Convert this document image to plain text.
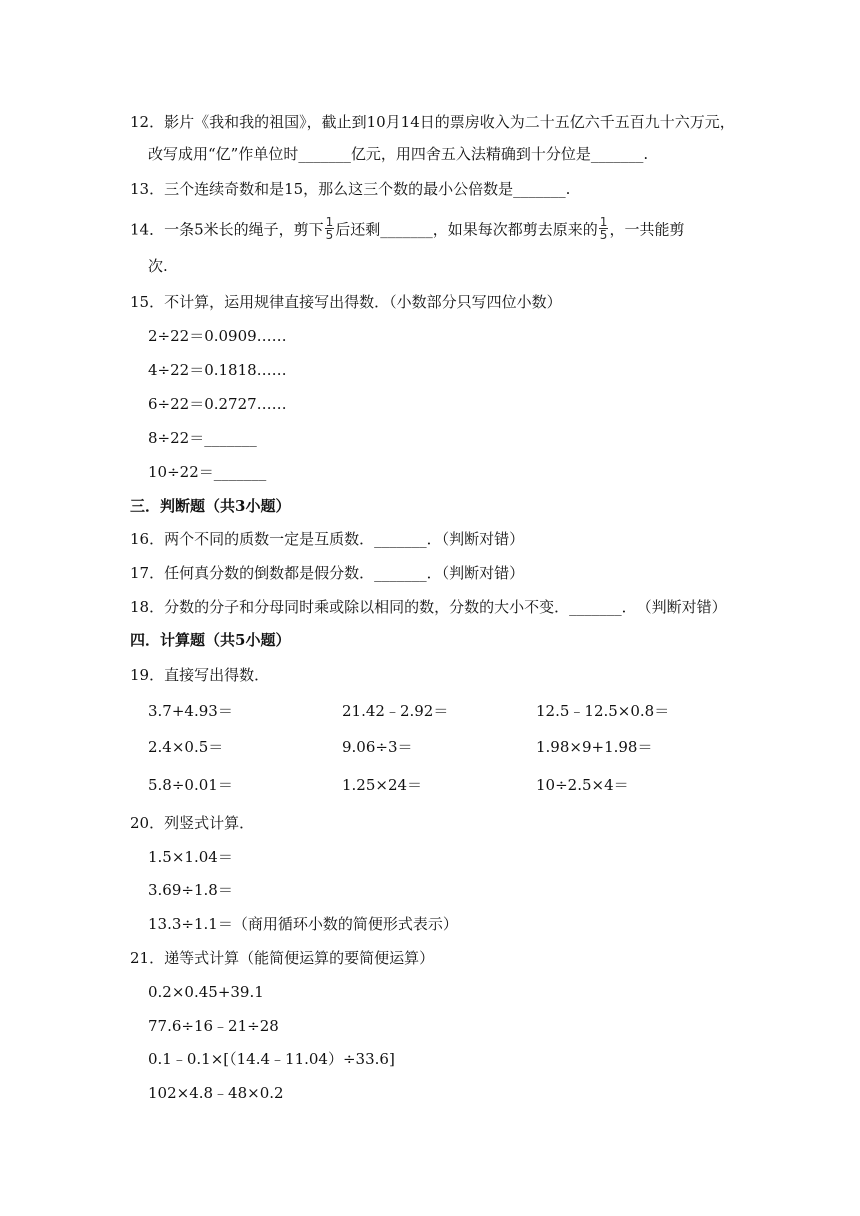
12．影片《我和我的祖国》，截止到10月14日的票房收入为二十五亿六千五百九十六万元，
改写成用“亿”作单位时_______亿元，用四舍五入法精确到十分位是_______.
13．三个连续奇数和是15，那么这三个数的最小公倍数是_______.
14．一条5米长的绳子，剪下 $\frac{1}{5}$ 后还剩_______，如果每次都剪去原来的 $\frac{1}{5}$ ，一共能剪
次.
15．不计算，运用规律直接写出得数．（小数部分只写四位小数）
2÷22＝0.0909……
4÷22＝0.1818……
6÷22＝0.2727……
8÷22＝_______
10÷22＝_______
三．判断题（共3小题）
16．两个不同的质数一定是互质数．_______．（判断对错）
17．任何真分数的倒数都是假分数．_______．（判断对错）
18．分数的分子和分母同时乘或除以相同的数，分数的大小不变．_______．　（判断对错）
四．计算题（共5小题）
19．直接写出得数．
3.7+4.93＝	21.42﹣2.92＝	12.5﹣12.5×0.8＝
2.4×0.5＝	9.06÷3＝	1.98×9+1.98＝
5.8÷0.01＝	1.25×24＝	10÷2.5×4＝
20．列竖式计算．
1.5×1.04＝
3.69÷1.8＝
13.3÷1.1＝（商用循环小数的简便形式表示）
21．递等式计算（能简便运算的要简便运算）
0.2×0.45+39.1
77.6÷16﹣21÷28
0.1﹣0.1×[（14.4﹣11.04）÷33.6]
102×4.8﹣48×0.2
